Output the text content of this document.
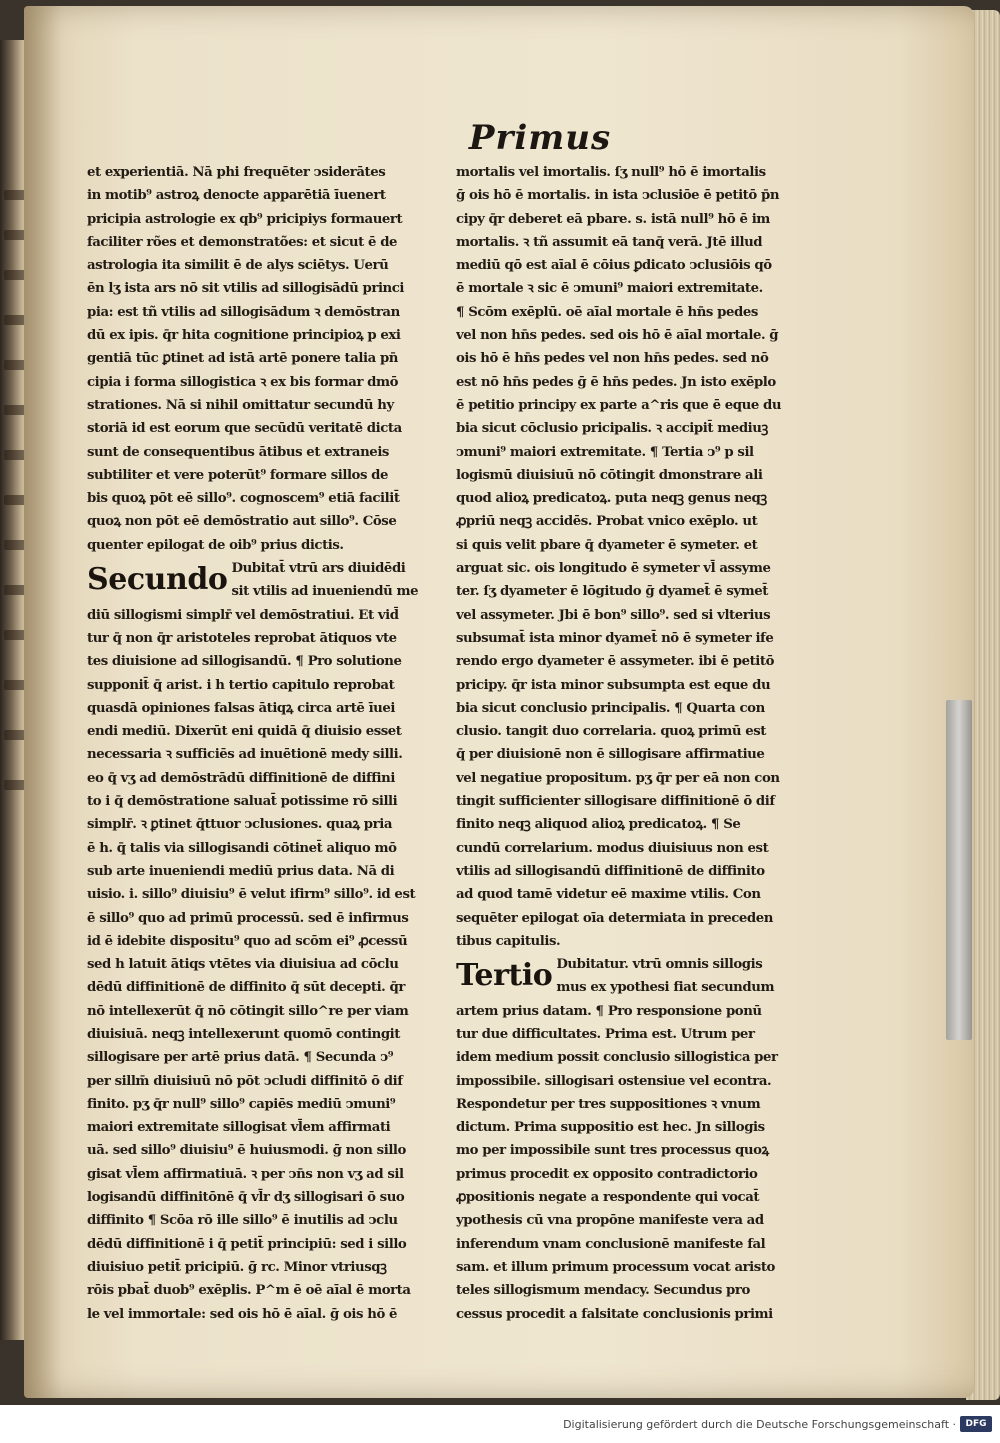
Primus
et experientiā. Nā phi frequēter ↄsiderātes
in motib⁹ astroꝝ denocte apparētiā īuenert
pricipia astrologie ex qb⁹ pricipiys formauert
faciliter rões et demonstratões: et sicut ē de
astrologia ita similit ē de alys sciētys. Uerū
ēn lʒ ista ars nō sit vtilis ad sillogisādū princi
pia: est tñ vtilis ad sillogisādum ꝛ demōstran
dū ex ipis. q̄r hita cognitione principioꝝ p exi
gentiā tūc ꝑtinet ad istā artē ponere talia pn̄
cipia i forma sillogistica ꝛ ex bis formar dmō
strationes. Nā si nihil omittatur secundū hy
storiā id est eorum que secūdū veritatē dicta
sunt de consequentibus ātibus et extraneis
subtiliter et vere poterūt⁹ formare sillos de
bis quoꝝ pōt eē sillo⁹. cognoscem⁹ etiā facilit̄
quoꝝ non pōt eē demōstratio aut sillo⁹. Cōse
quenter epilogat de oib⁹ prius dictis.
Secundo Dubitat̄ vtrū ars diuidēdi
sit vtilis ad inueniendū me
diū sillogismi simplr̄ vel demōstratiui. Et vid̄
tur q̄ non q̄r aristoteles reprobat ātiquos vte
tes diuisione ad sillogisandū. ¶ Pro solutione
supponit̄ q̄ arist. i h tertio capitulo reprobat
quasdā opiniones falsas ātiqꝝ circa artē īuei
endi mediū. Dixerūt eni quidā q̄ diuisio esset
necessaria ꝛ sufficiēs ad inuētionē medy silli.
eo q̄ vʒ ad demōstrādū diffinitionē de diffini
to i q̄ demōstratione saluat̄ potissime rō silli
simplr̄. ꝛ ꝑtinet q̄ttuor ↄclusiones. quaꝝ pria
ē h. q̄ talis via sillogisandi cōtinet̄ aliquo mō
sub arte inueniendi mediū prius data. Nā di
uisio. i. sillo⁹ diuisiu⁹ ē velut ifirm⁹ sillo⁹. id est
ē sillo⁹ quo ad primū processū. sed ē infirmus
id ē idebite dispositu⁹ quo ad scōm ei⁹ ꝓcessū
sed h latuit ātiqs vtētes via diuisiua ad cōclu
dēdū diffinitionē de diffinito q̄ sūt decepti. q̄r
nō intellexerūt q̄ nō cōtingit sillo^re per viam
diuisiuā. neqꝫ intellexerunt quomō contingit
sillogisare per artē prius datā. ¶ Secunda ↄ⁹
per sillm̄ diuisiuū nō pōt ↄcludi diffinitō ō dif
finito. pʒ q̄r null⁹ sillo⁹ capiēs mediū ↄmuni⁹
maiori extremitate sillogisat vl̄em affirmati
uā. sed sillo⁹ diuisiu⁹ ē huiusmodi. ḡ non sillo
gisat vl̄em affirmatiuā. ꝛ per ↄn̄s non vʒ ad sil
logisandū diffinitōnē q̄ vl̄r dʒ sillogisari ō suo
diffinito ¶ Scōa rō ille sillo⁹ ē inutilis ad ↄclu
dēdū diffinitionē i q̄ petit̄ principiū: sed i sillo
diuisiuo petit̄ pricipiū. ḡ rc. Minor vtriusqꝫ
rōis pbat̄ duob⁹ exēplis. P^m ē oē aīal ē morta
le vel immortale: sed ois hō ē aīal. ḡ ois hō ē
mortalis vel imortalis. ſʒ null⁹ hō ē imortalis
ḡ ois hō ē mortalis. in ista ↄclusiōe ē petitō p̄n
cipy q̄r deberet eā pbare. s. istā null⁹ hō ē im
mortalis. ꝛ tñ assumit eā tanq̄ verā. Jtē illud
mediū qō est aīal ē cōius ꝑdicato ↄclusiōis qō
ē mortale ꝛ sic ē ↄmuni⁹ maiori extremitate.
¶ Scōm exēplū. oē aīal mortale ē hn̄s pedes
vel non hn̄s pedes. sed ois hō ē aīal mortale. ḡ
ois hō ē hn̄s pedes vel non hn̄s pedes. sed nō
est nō hn̄s pedes ḡ ē hn̄s pedes. Jn isto exēplo
ē petitio principy ex parte a^ris que ē eque du
bia sicut cōclusio pricipalis. ꝛ accipit̄ mediuꝫ
ↄmuni⁹ maiori extremitate. ¶ Tertia ↄ⁹ p sil
logismū diuisiuū nō cōtingit dmonstrare ali
quod alioꝝ predicatoꝝ. puta neqꝫ genus neqꝫ
ꝓpriū neqꝫ accidēs. Probat vnico exēplo. ut
si quis velit pbare q̄ dyameter ē symeter. et
arguat sic. ois longitudo ē symeter vl̄ assyme
ter. ſʒ dyameter ē lōgitudo ḡ dyamet̄ ē symet̄
vel assymeter. Jbi ē bon⁹ sillo⁹. sed si vlterius
subsumat̄ ista minor dyamet̄ nō ē symeter ife
rendo ergo dyameter ē assymeter. ibi ē petitō
pricipy. q̄r ista minor subsumpta est eque du
bia sicut conclusio principalis. ¶ Quarta con
clusio. tangit duo correlaria. quoꝝ primū est
q̄ per diuisionē non ē sillogisare affirmatiue
vel negatiue propositum. pʒ q̄r per eā non con
tingit sufficienter sillogisare diffinitionē ō dif
finito neqꝫ aliquod alioꝝ predicatoꝝ. ¶ Se
cundū correlarium. modus diuisiuus non est
vtilis ad sillogisandū diffinitionē de diffinito
ad quod tamē videtur eē maxime vtilis. Con
sequēter epilogat oīa determiata in preceden
tibus capitulis.
Tertio Dubitatur. vtrū omnis sillogis
mus ex ypothesi fiat secundum
artem prius datam. ¶ Pro responsione ponū
tur due difficultates. Prima est. Utrum per
idem medium possit conclusio sillogistica per
impossibile. sillogisari ostensiue vel econtra.
Respondetur per tres suppositiones ꝛ vnum
dictum. Prima suppositio est hec. Jn sillogis
mo per impossibile sunt tres processus quoꝝ
primus procedit ex opposito contradictorio
ꝓpositionis negate a respondente qui vocat̄
ypothesis cū vna propōne manifeste vera ad
inferendum vnam conclusionē manifeste fal
sam. et illum primum processum vocat aristo
teles sillogismum mendacy. Secundus pro
cessus procedit a falsitate conclusionis primi
Digitalisierung gefördert durch die Deutsche Forschungsgemeinschaft ·	DFG
